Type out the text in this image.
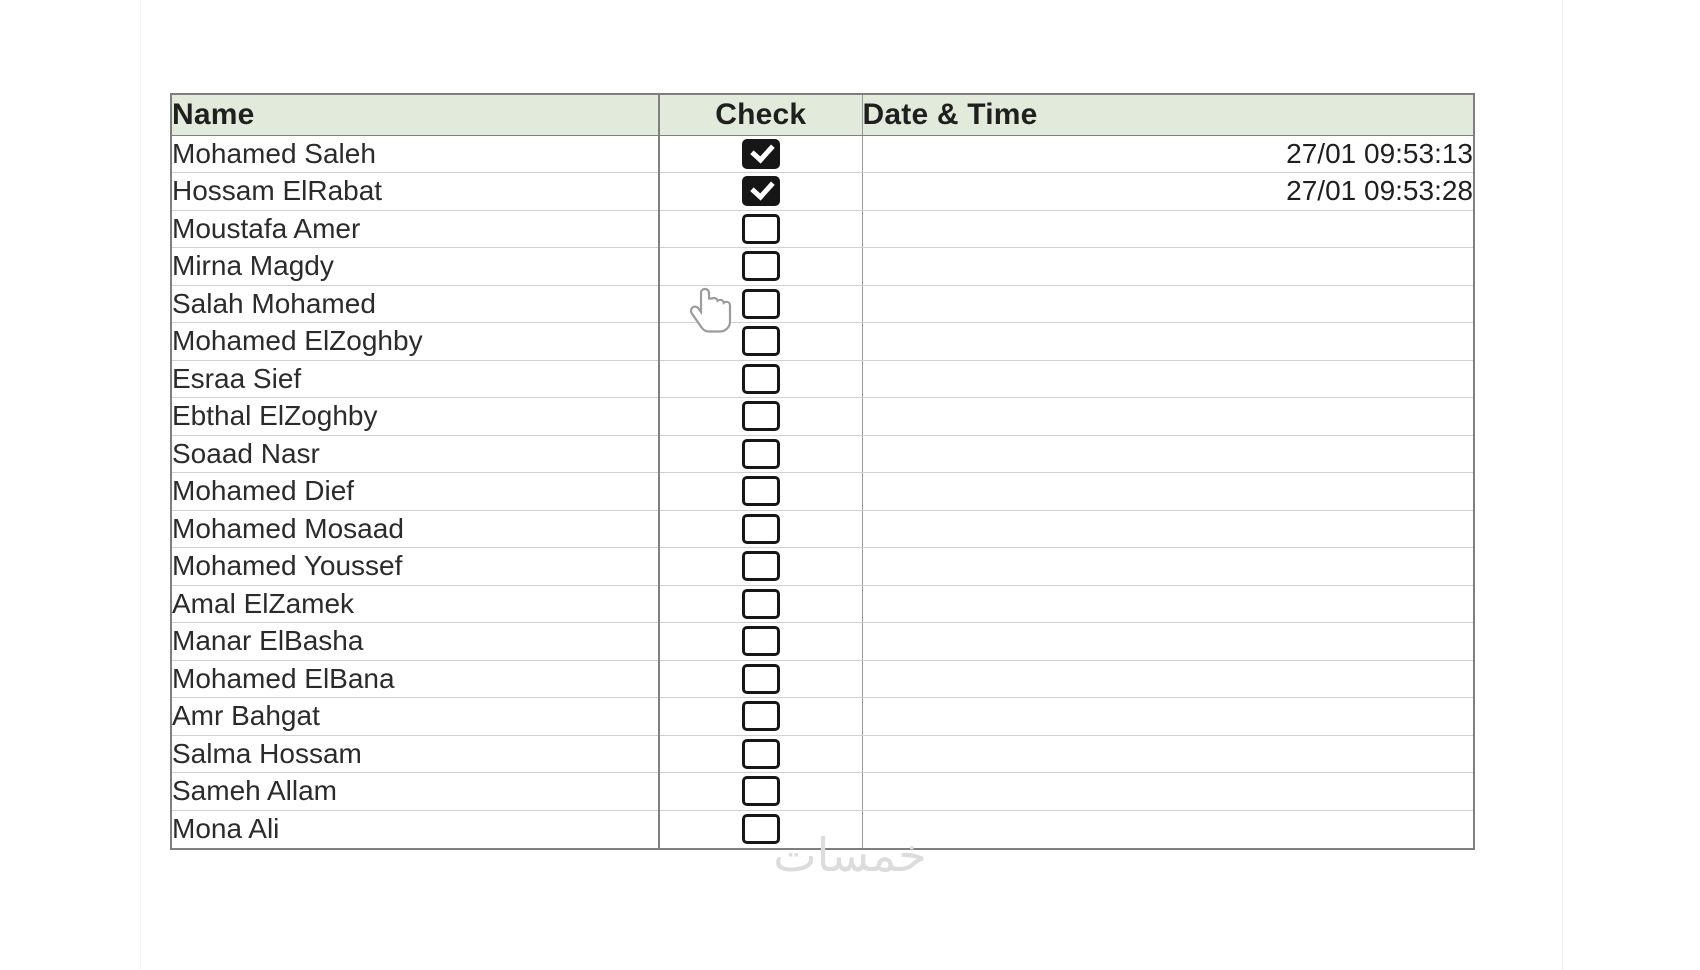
Name	Check	Date & Time
Mohamed Saleh		27/01 09:53:13
Hossam ElRabat		27/01 09:53:28
Moustafa Amer		
Mirna Magdy		
Salah Mohamed		
Mohamed ElZoghby		
Esraa Sief		
Ebthal ElZoghby		
Soaad Nasr		
Mohamed Dief		
Mohamed Mosaad		
Mohamed Youssef		
Amal ElZamek		
Manar ElBasha		
Mohamed ElBana		
Amr Bahgat		
Salma Hossam		
Sameh Allam		
Mona Ali			خمسات
